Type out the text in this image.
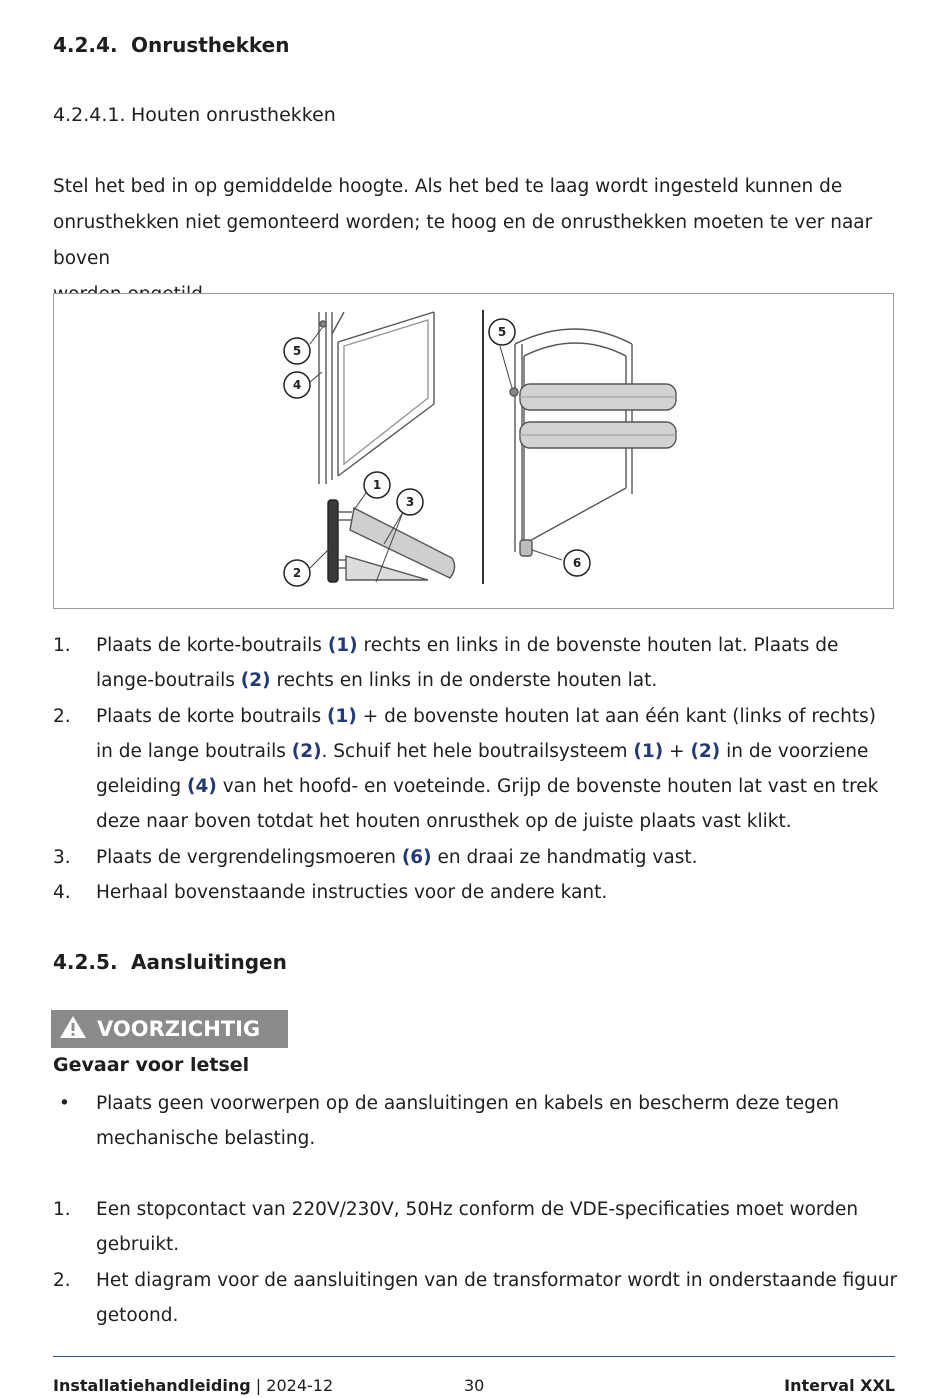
4.2.4. Onrusthekken
4.2.4.1. Houten onrusthekken
Stel het bed in op gemiddelde hoogte. Als het bed te laag wordt ingesteld kunnen de
onrusthekken niet gemonteerd worden; te hoog en de onrusthekken moeten te ver naar boven
5
4
1
3
2
5
6
1. Plaats de korte-boutrails (1) rechts en links in de bovenste houten lat. Plaats de lange-boutrails (2) rechts en links in de onderste houten lat.
2. Plaats de korte boutrails (1) + de bovenste houten lat aan één kant (links of rechts) in de lange boutrails (2). Schuif het hele boutrailsysteem (1) + (2) in de voorziene geleiding (4) van het hoofd- en voeteinde. Grijp de bovenste houten lat vast en trek deze naar boven totdat het houten onrusthek op de juiste plaats vast klikt.
3. Plaats de vergrendelingsmoeren (6) en draai ze handmatig vast.
4. Herhaal bovenstaande instructies voor de andere kant.
4.2.5. Aansluitingen
VOORZICHTIG
Gevaar voor letsel
• Plaats geen voorwerpen op de aansluitingen en kabels en bescherm deze tegen mechanische belasting.
1. Een stopcontact van 220V/230V, 50Hz conform de VDE-specificaties moet worden gebruikt.
2. Het diagram voor de aansluitingen van de transformator wordt in onderstaande figuur getoond.
Installatiehandleiding | 2024-12	30	Interval XXL
